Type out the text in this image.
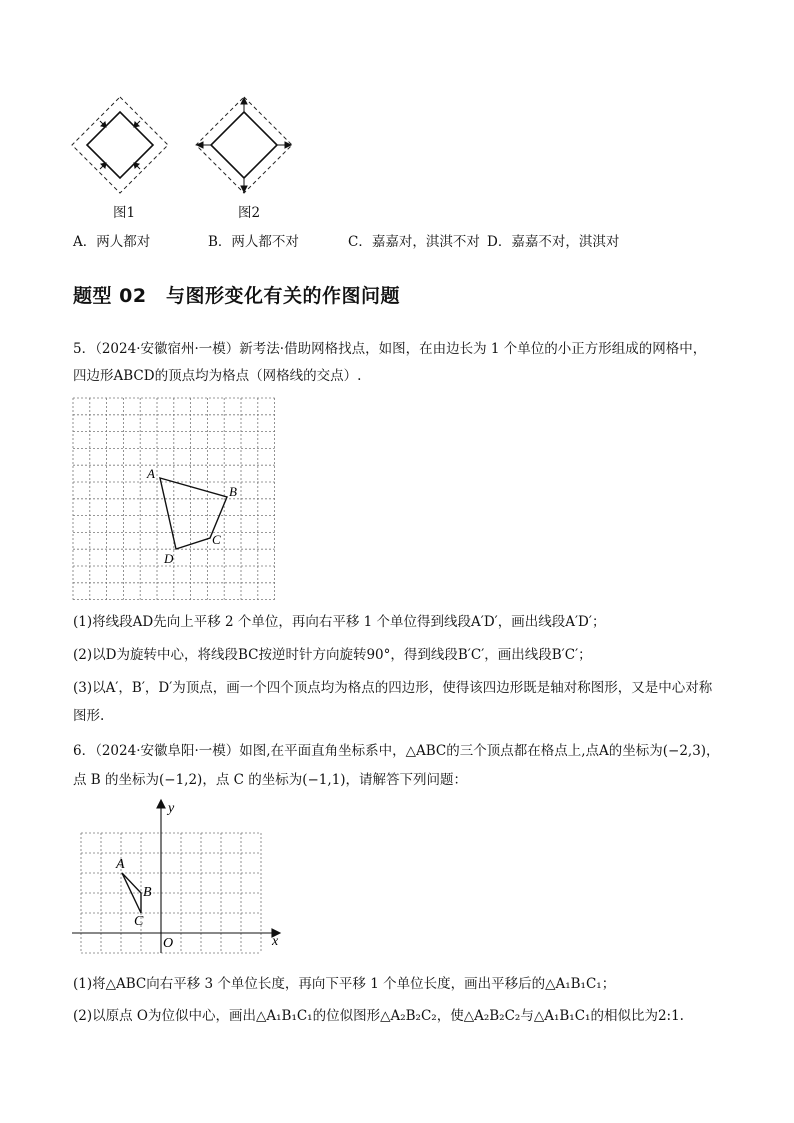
图1	图2
A．两人都对	B．两人都不对	C．嘉嘉对，淇淇不对 D．嘉嘉不对，淇淇对
题型 02　与图形变化有关的作图问题
5．（2024·安徽宿州·一模）新考法·借助网格找点，如图，在由边长为 1 个单位的小正方形组成的网格中，
四边形ABCD的顶点均为格点（网格线的交点）.
A
B
C
D
(1)将线段AD先向上平移 2 个单位，再向右平移 1 个单位得到线段A′D′，画出线段A′D′；
(2)以D为旋转中心，将线段BC按逆时针方向旋转90°，得到线段B′C′，画出线段B′C′；
(3)以A′，B′，D′为顶点，画一个四个顶点均为格点的四边形，使得该四边形既是轴对称图形，又是中心对称
图形.
6．（2024·安徽阜阳·一模）如图,在平面直角坐标系中，△ABC的三个顶点都在格点上,点A的坐标为(−2,3)，
点 B 的坐标为(−1,2)，点 C 的坐标为(−1,1)，请解答下列问题：
x
y
O
A
B
C
(1)将△ABC向右平移 3 个单位长度，再向下平移 1 个单位长度，画出平移后的△A₁B₁C₁；
(2)以原点 O为位似中心，画出△A₁B₁C₁的位似图形△A₂B₂C₂，使△A₂B₂C₂与△A₁B₁C₁的相似比为2:1.
